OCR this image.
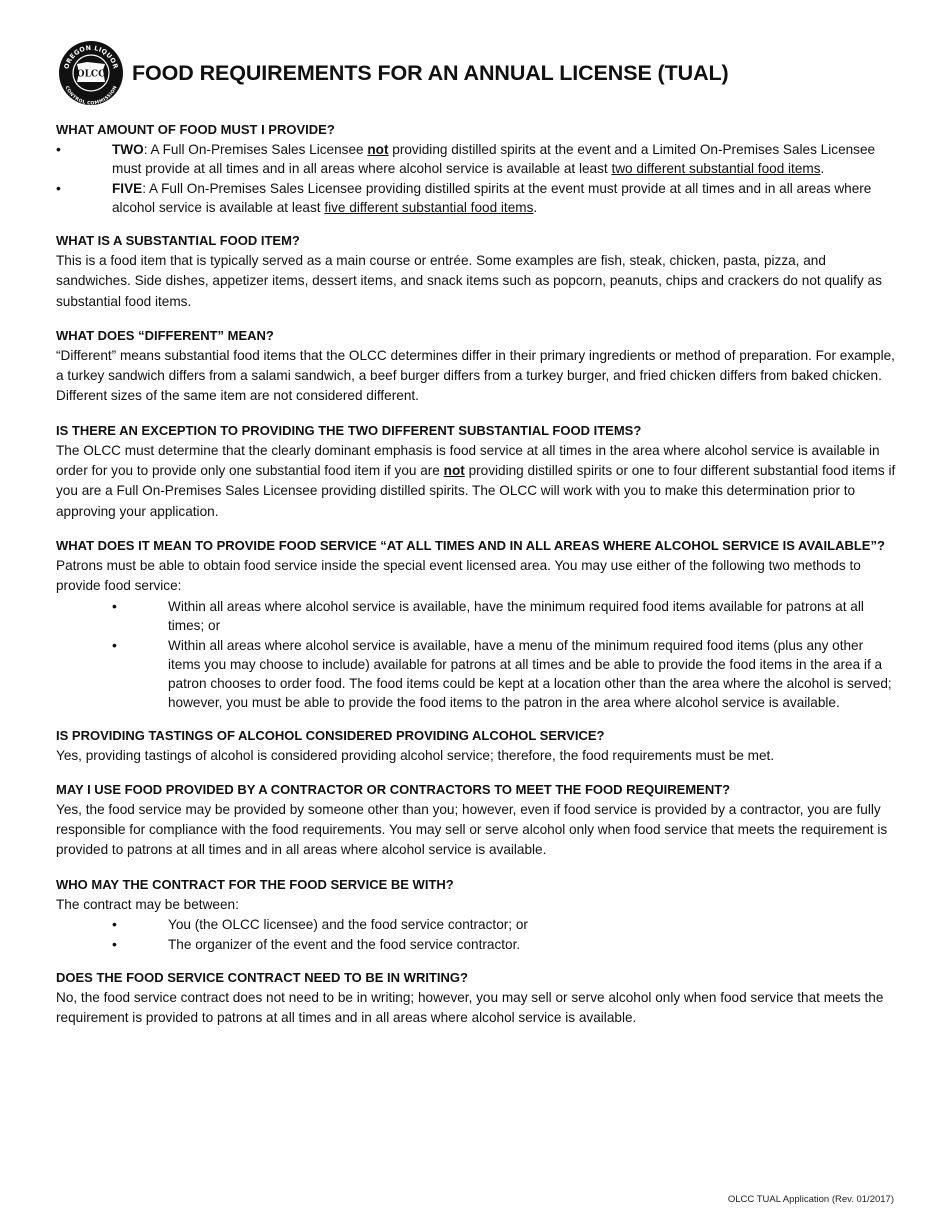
OREGON LIQUOR
CONTROL COMMISSION
OLCC FOOD REQUIREMENTS FOR AN ANNUAL LICENSE (TUAL)
WHAT AMOUNT OF FOOD MUST I PROVIDE?
• TWO: A Full On-Premises Sales Licensee not providing distilled spirits at the event and a Limited On-Premises Sales Licensee must provide at all times and in all areas where alcohol service is available at least two different substantial food items.
• FIVE: A Full On-Premises Sales Licensee providing distilled spirits at the event must provide at all times and in all areas where alcohol service is available at least five different substantial food items.
WHAT IS A SUBSTANTIAL FOOD ITEM?

This is a food item that is typically served as a main course or entrée. Some examples are fish, steak, chicken, pasta, pizza, and sandwiches. Side dishes, appetizer items, dessert items, and snack items such as popcorn, peanuts, chips and crackers do not qualify as substantial food items.

WHAT DOES “DIFFERENT” MEAN?

“Different” means substantial food items that the OLCC determines differ in their primary ingredients or method of preparation. For example, a turkey sandwich differs from a salami sandwich, a beef burger differs from a turkey burger, and fried chicken differs from baked chicken. Different sizes of the same item are not considered different.

IS THERE AN EXCEPTION TO PROVIDING THE TWO DIFFERENT SUBSTANTIAL FOOD ITEMS?

The OLCC must determine that the clearly dominant emphasis is food service at all times in the area where alcohol service is available in order for you to provide only one substantial food item if you are not providing distilled spirits or one to four different substantial food items if you are a Full On-Premises Sales Licensee providing distilled spirits. The OLCC will work with you to make this determination prior to approving your application.

WHAT DOES IT MEAN TO PROVIDE FOOD SERVICE “AT ALL TIMES AND IN ALL AREAS WHERE ALCOHOL SERVICE IS AVAILABLE”?

Patrons must be able to obtain food service inside the special event licensed area. You may use either of the following two methods to provide food service:

• Within all areas where alcohol service is available, have the minimum required food items available for patrons at all times; or
• Within all areas where alcohol service is available, have a menu of the minimum required food items (plus any other items you may choose to include) available for patrons at all times and be able to provide the food items in the area if a patron chooses to order food. The food items could be kept at a location other than the area where the alcohol is served; however, you must be able to provide the food items to the patron in the area where alcohol service is available.
IS PROVIDING TASTINGS OF ALCOHOL CONSIDERED PROVIDING ALCOHOL SERVICE?

Yes, providing tastings of alcohol is considered providing alcohol service; therefore, the food requirements must be met.

MAY I USE FOOD PROVIDED BY A CONTRACTOR OR CONTRACTORS TO MEET THE FOOD REQUIREMENT?

Yes, the food service may be provided by someone other than you; however, even if food service is provided by a contractor, you are fully responsible for compliance with the food requirements. You may sell or serve alcohol only when food service that meets the requirement is provided to patrons at all times and in all areas where alcohol service is available.

WHO MAY THE CONTRACT FOR THE FOOD SERVICE BE WITH?

The contract may be between:

• You (the OLCC licensee) and the food service contractor; or
• The organizer of the event and the food service contractor.
DOES THE FOOD SERVICE CONTRACT NEED TO BE IN WRITING?

No, the food service contract does not need to be in writing; however, you may sell or serve alcohol only when food service that meets the requirement is provided to patrons at all times and in all areas where alcohol service is available.

OLCC TUAL Application (Rev. 01/2017)
